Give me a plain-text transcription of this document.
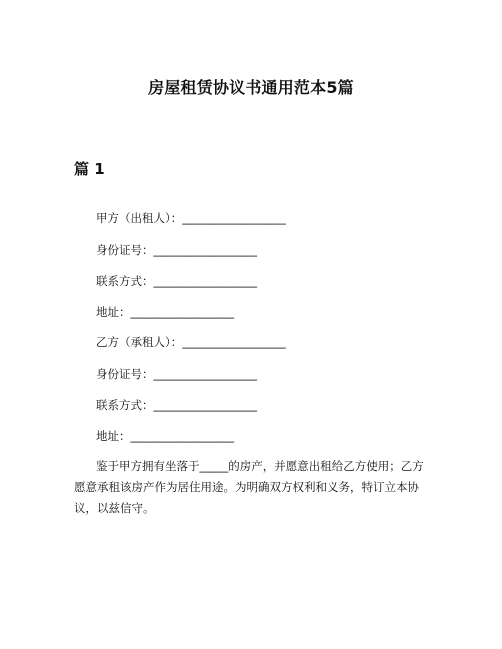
房屋租赁协议书通用范本5篇
篇 1
甲方（出租人）：__________________
身份证号：__________________
联系方式：__________________
地址：__________________
乙方（承租人）：__________________
身份证号：__________________
联系方式：__________________
地址：__________________
鉴于甲方拥有坐落于_____的房产，并愿意出租给乙方使用；乙方愿意承租该房产作为居住用途。为明确双方权利和义务，特订立本协议，以兹信守。
